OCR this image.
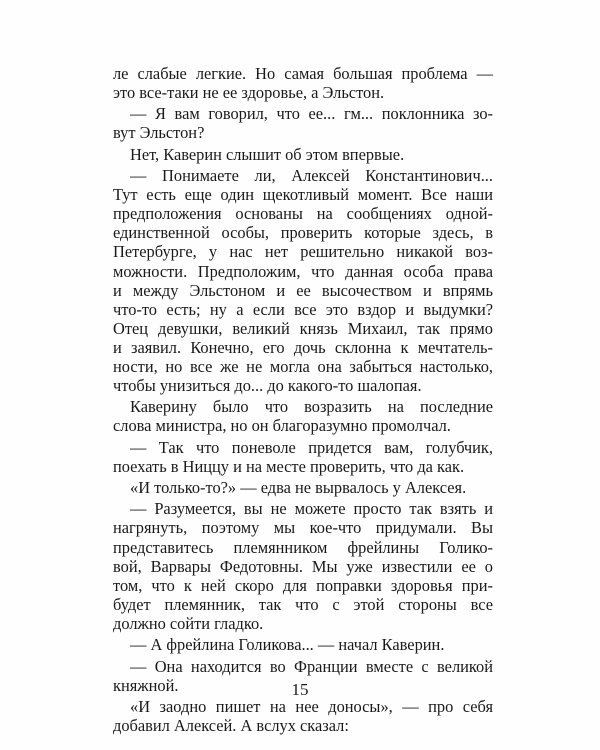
ле слабые легкие. Но самая большая проблема —
это все-таки не ее здоровье, а Эльстон.
— Я вам говорил, что ее... гм... поклонника зо-
вут Эльстон?
Нет, Каверин слышит об этом впервые.
— Понимаете ли, Алексей Константинович...
Тут есть еще один щекотливый момент. Все наши
предположения основаны на сообщениях одной-
единственной особы, проверить которые здесь, в
Петербурге, у нас нет решительно никакой воз-
можности. Предположим, что данная особа права
и между Эльстоном и ее высочеством и впрямь
что-то есть; ну а если все это вздор и выдумки?
Отец девушки, великий князь Михаил, так прямо
и заявил. Конечно, его дочь склонна к мечтатель-
ности, но все же не могла она забыться настолько,
чтобы унизиться до... до какого-то шалопая.
Каверину было что возразить на последние
слова министра, но он благоразумно промолчал.
— Так что поневоле придется вам, голубчик,
поехать в Ниццу и на месте проверить, что да как.
«И только-то?» — едва не вырвалось у Алексея.
— Разумеется, вы не можете просто так взять и
нагрянуть, поэтому мы кое-что придумали. Вы
представитесь племянником фрейлины Голико-
вой, Варвары Федотовны. Мы уже известили ее о
том, что к ней скоро для поправки здоровья при-
будет племянник, так что с этой стороны все
должно сойти гладко.
— А фрейлина Голикова... — начал Каверин.
— Она находится во Франции вместе с великой
княжной.
«И заодно пишет на нее доносы», — про себя
добавил Алексей. А вслух сказал:
15
